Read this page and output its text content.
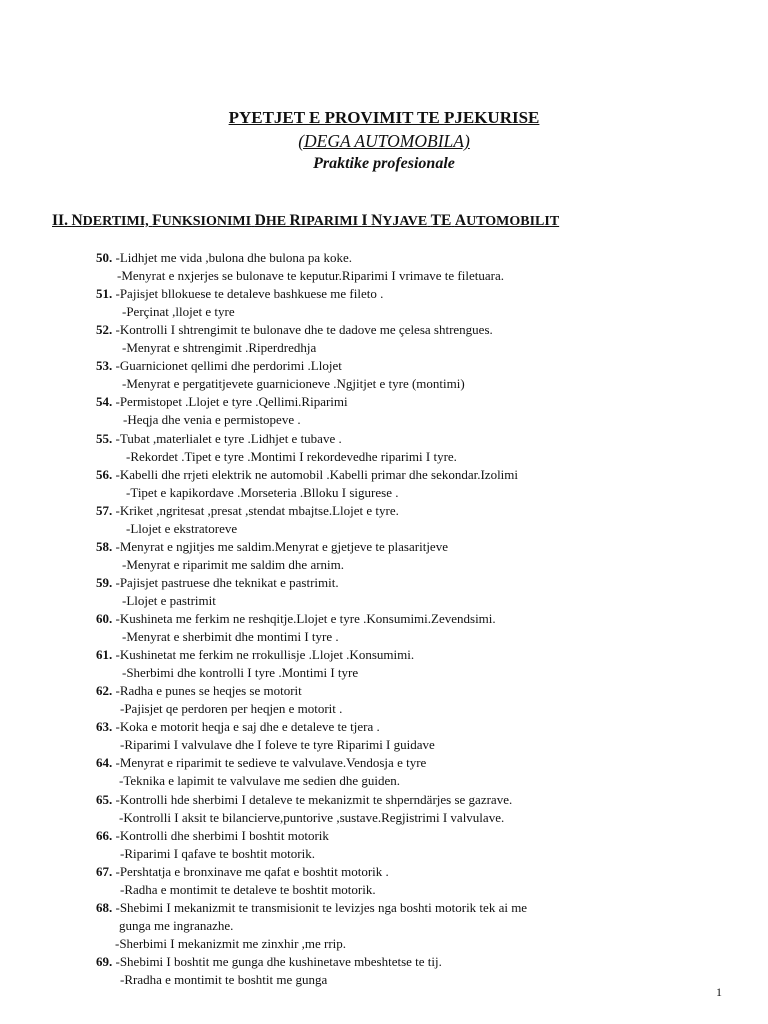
PYETJET E PROVIMIT TE PJEKURISE
(DEGA AUTOMOBILA)
Praktike profesionale
II. NDERTIMI, FUNKSIONIMI DHE RIPARIMI I NYJAVE TE AUTOMOBILIT
50. -Lidhjet me vida ,bulona dhe bulona pa koke.
-Menyrat e nxjerjes se bulonave te keputur.Riparimi I vrimave te filetuara.
51. -Pajisjet bllokuese te detaleve bashkuese me fileto .
-Perçinat ,llojet e tyre
52. -Kontrolli I shtrengimit te bulonave dhe te dadove me çelesa shtrengues.
-Menyrat e shtrengimit .Riperdredhja
53. -Guarnicionet qellimi dhe perdorimi .Llojet
-Menyrat e pergatitjevete guarnicioneve .Ngjitjet e tyre (montimi)
54. -Permistopet .Llojet e tyre .Qellimi.Riparimi
-Heqja dhe venia e permistopeve .
55. -Tubat ,materlialet e tyre .Lidhjet e tubave .
-Rekordet .Tipet e tyre .Montimi I rekordevedhe riparimi I tyre.
56. -Kabelli dhe rrjeti elektrik ne automobil .Kabelli primar dhe sekondar.Izolimi
-Tipet e kapikordave .Morseteria .Blloku I sigurese .
57. -Kriket ,ngritesat ,presat ,stendat mbajtse.Llojet e tyre.
-Llojet e ekstratoreve
58. -Menyrat e ngjitjes me saldim.Menyrat e gjetjeve te plasaritjeve
-Menyrat e riparimit me saldim dhe arnim.
59. -Pajisjet pastruese dhe teknikat e pastrimit.
-Llojet e pastrimit
60. -Kushineta me ferkim ne reshqitje.Llojet e tyre .Konsumimi.Zevendsimi.
-Menyrat e sherbimit dhe montimi I tyre .
61. -Kushinetat me ferkim ne rrokullisje .Llojet .Konsumimi.
-Sherbimi dhe kontrolli I tyre .Montimi I tyre
62. -Radha e punes se heqjes se motorit
-Pajisjet qe perdoren per heqjen e motorit .
63. -Koka e motorit heqja e saj dhe e detaleve te tjera .
-Riparimi I valvulave dhe I foleve te tyre Riparimi I guidave
64. -Menyrat e riparimit te sedieve te valvulave.Vendosja e tyre
-Teknika e lapimit te valvulave me sedien dhe guiden.
65. -Kontrolli hde sherbimi I detaleve te mekanizmit te shperndärjes se gazrave.
-Kontrolli I aksit te bilancierve,puntorive ,sustave.Regjistrimi I valvulave.
66. -Kontrolli dhe sherbimi I boshtit motorik
-Riparimi I qafave te boshtit motorik.
67. -Pershtatja e bronxinave me qafat e boshtit motorik .
-Radha e montimit te detaleve te boshtit motorik.
68. -Shebimi I mekanizmit te transmisionit te levizjes nga boshti motorik tek ai me
gunga me ingranazhe.
-Sherbimi I mekanizmit me zinxhir ,me rrip.
69. -Shebimi I boshtit me gunga dhe kushinetave mbeshtetse te tij.
-Rradha e montimit te boshtit me gunga
1
